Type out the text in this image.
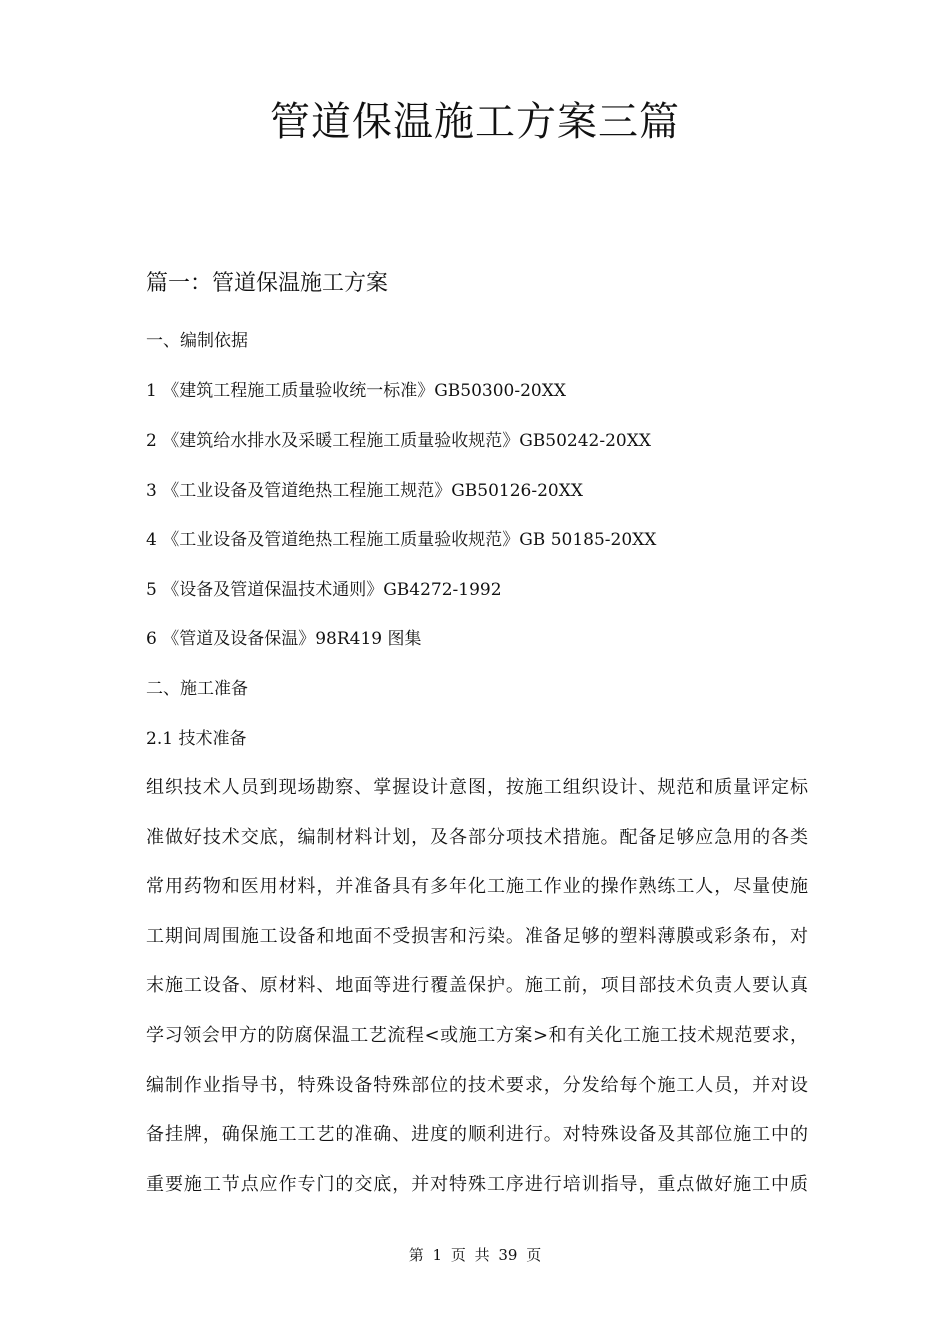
管道保温施工方案三篇
篇一：管道保温施工方案

一、编制依据

1 《建筑工程施工质量验收统一标准》GB50300-20XX

2 《建筑给水排水及采暖工程施工质量验收规范》GB50242-20XX

3 《工业设备及管道绝热工程施工规范》GB50126-20XX

4 《工业设备及管道绝热工程施工质量验收规范》GB 50185-20XX

5 《设备及管道保温技术通则》GB4272-1992

6 《管道及设备保温》98R419 图集

二、施工准备

2.1 技术准备

组织技术人员到现场勘察、掌握设计意图，按施工组织设计、规范和质量评定标
准做好技术交底，编制材料计划，及各部分项技术措施。配备足够应急用的各类
常用药物和医用材料，并准备具有多年化工施工作业的操作熟练工人，尽量使施
工期间周围施工设备和地面不受损害和污染。准备足够的塑料薄膜或彩条布，对
末施工设备、原材料、地面等进行覆盖保护。施工前，项目部技术负责人要认真
学习领会甲方的防腐保温工艺流程<或施工方案>和有关化工施工技术规范要求，
编制作业指导书，特殊设备特殊部位的技术要求，分发给每个施工人员，并对设
备挂牌，确保施工工艺的准确、进度的顺利进行。对特殊设备及其部位施工中的
重要施工节点应作专门的交底，并对特殊工序进行培训指导，重点做好施工中质
第 1 页 共 39 页
